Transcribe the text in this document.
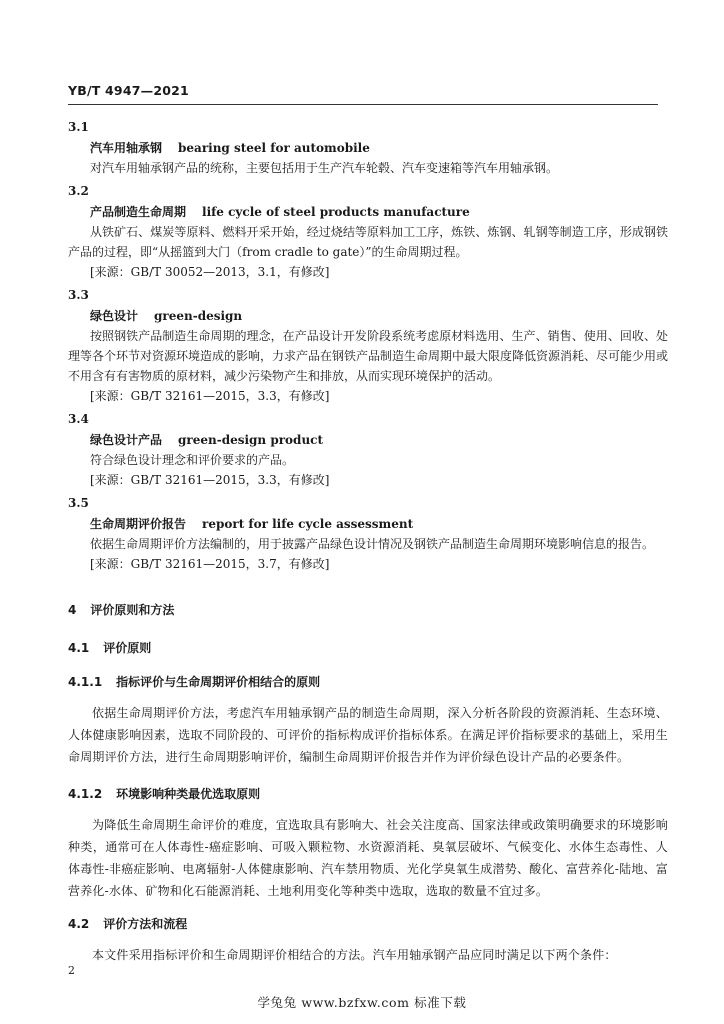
YB/T 4947—2021
3.1
汽车用轴承钢 bearing steel for automobile
对汽车用轴承钢产品的统称，主要包括用于生产汽车轮毂、汽车变速箱等汽车用轴承钢。
3.2
产品制造生命周期 life cycle of steel products manufacture
从铁矿石、煤炭等原料、燃料开采开始，经过烧结等原料加工工序，炼铁、炼钢、轧钢等制造工序，形成钢铁产品的过程，即“从摇篮到大门（from cradle to gate）”的生命周期过程。
[来源：GB/T 30052—2013，3.1，有修改]
3.3
绿色设计 green-design
按照钢铁产品制造生命周期的理念，在产品设计开发阶段系统考虑原材料选用、生产、销售、使用、回收、处理等各个环节对资源环境造成的影响，力求产品在钢铁产品制造生命周期中最大限度降低资源消耗、尽可能少用或不用含有有害物质的原材料，减少污染物产生和排放，从而实现环境保护的活动。
[来源：GB/T 32161—2015，3.3，有修改]
3.4
绿色设计产品 green-design product
符合绿色设计理念和评价要求的产品。
[来源：GB/T 32161—2015，3.3，有修改]
3.5
生命周期评价报告 report for life cycle assessment
依据生命周期评价方法编制的，用于披露产品绿色设计情况及钢铁产品制造生命周期环境影响信息的报告。
[来源：GB/T 32161—2015，3.7，有修改]
4 评价原则和方法
4.1 评价原则
4.1.1 指标评价与生命周期评价相结合的原则
依据生命周期评价方法，考虑汽车用轴承钢产品的制造生命周期，深入分析各阶段的资源消耗、生态环境、人体健康影响因素，选取不同阶段的、可评价的指标构成评价指标体系。在满足评价指标要求的基础上，采用生命周期评价方法，进行生命周期影响评价，编制生命周期评价报告并作为评价绿色设计产品的必要条件。
4.1.2 环境影响种类最优选取原则
为降低生命周期生命评价的难度，宜选取具有影响大、社会关注度高、国家法律或政策明确要求的环境影响种类，通常可在人体毒性-癌症影响、可吸入颗粒物、水资源消耗、臭氧层破坏、气候变化、水体生态毒性、人体毒性-非癌症影响、电离辐射-人体健康影响、汽车禁用物质、光化学臭氧生成潜势、酸化、富营养化-陆地、富营养化-水体、矿物和化石能源消耗、土地利用变化等种类中选取，选取的数量不宜过多。
4.2 评价方法和流程
本文件采用指标评价和生命周期评价相结合的方法。汽车用轴承钢产品应同时满足以下两个条件：
2
学兔兔 www.bzfxw.com 标准下载
